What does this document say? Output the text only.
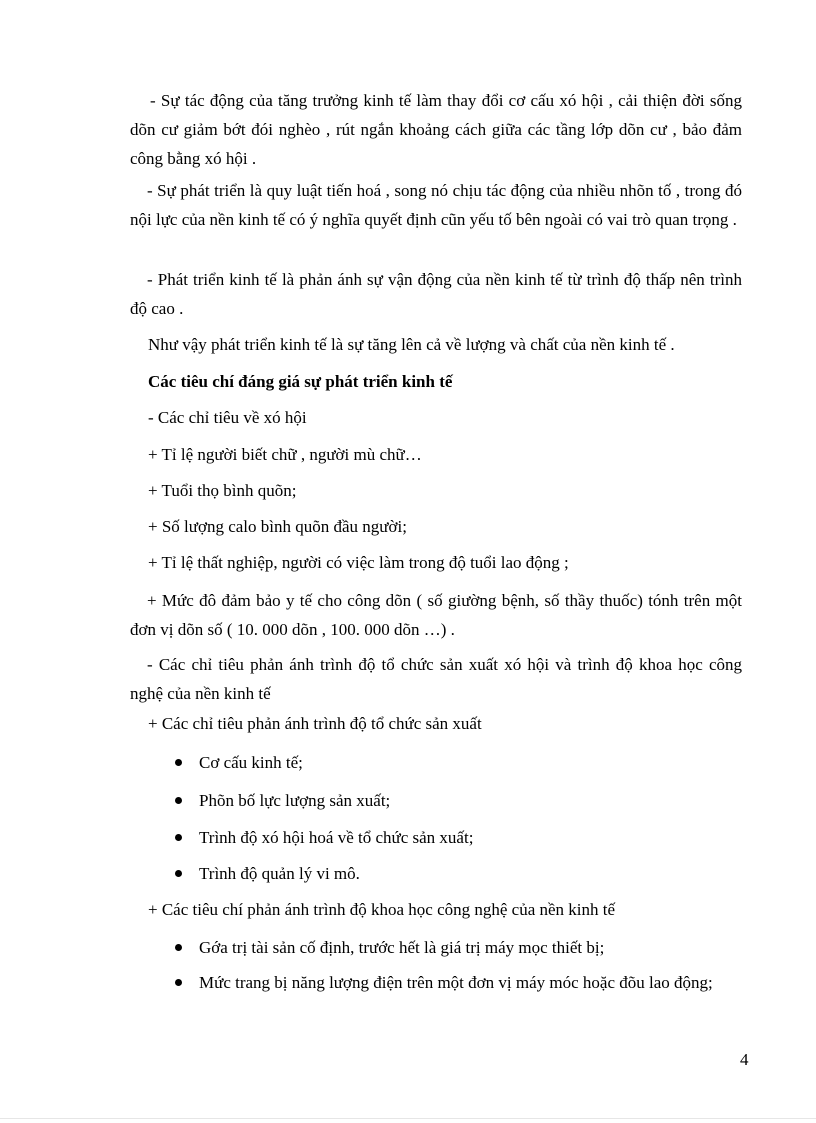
- Sự tác động của tăng trưởng kinh tế làm thay đổi cơ cấu xó hội , cải thiện đời sống dõn cư giảm bớt đói nghèo , rút ngắn khoảng cách giữa các tầng lớp dõn cư , bảo đảm công bằng xó hội .
- Sự phát triển là quy luật tiến hoá , song nó chịu tác động của nhiều nhõn tố , trong đó nội lực của nền kinh tế có ý nghĩa quyết định cũn yếu tố bên ngoài có vai trò quan trọng .
- Phát triển kinh tế là phản ánh sự vận động của nền kinh tế từ trình độ thấp nên trình độ cao .
Như vậy phát triển kinh tế là sự tăng lên cả về lượng và chất của nền kinh tế .
Các tiêu chí đáng giá sự phát triển kinh tế
- Các chỉ tiêu về xó hội
+ Tỉ lệ người biết chữ , người mù chữ…
+ Tuổi thọ bình quõn;
+ Số lượng calo bình quõn đầu người;
+ Tỉ lệ thất nghiệp, người có việc làm trong độ tuổi lao động ;
+ Mức đô đảm bảo y tế cho công dõn ( số giường bệnh, số thầy thuốc) tónh trên một đơn vị dõn số ( 10. 000 dõn , 100. 000 dõn …) .
- Các chỉ tiêu phản ánh trình độ tổ chức sản xuất xó hội và trình độ khoa học công nghệ của nền kinh tế
+ Các chỉ tiêu phản ánh trình độ tổ chức sản xuất
Cơ cấu kinh tế;
Phõn bố lực lượng sản xuất;
Trình độ xó hội hoá về tổ chức sản xuất;
Trình độ quản lý vi mô.
+ Các tiêu chí phản ánh trình độ khoa học công nghệ của nền kinh tế
Gớa trị tài sản cố định, trước hết là giá trị máy mọc thiết bị;
Mức trang bị năng lượng điện trên một đơn vị máy móc hoặc đõu lao động;
4
